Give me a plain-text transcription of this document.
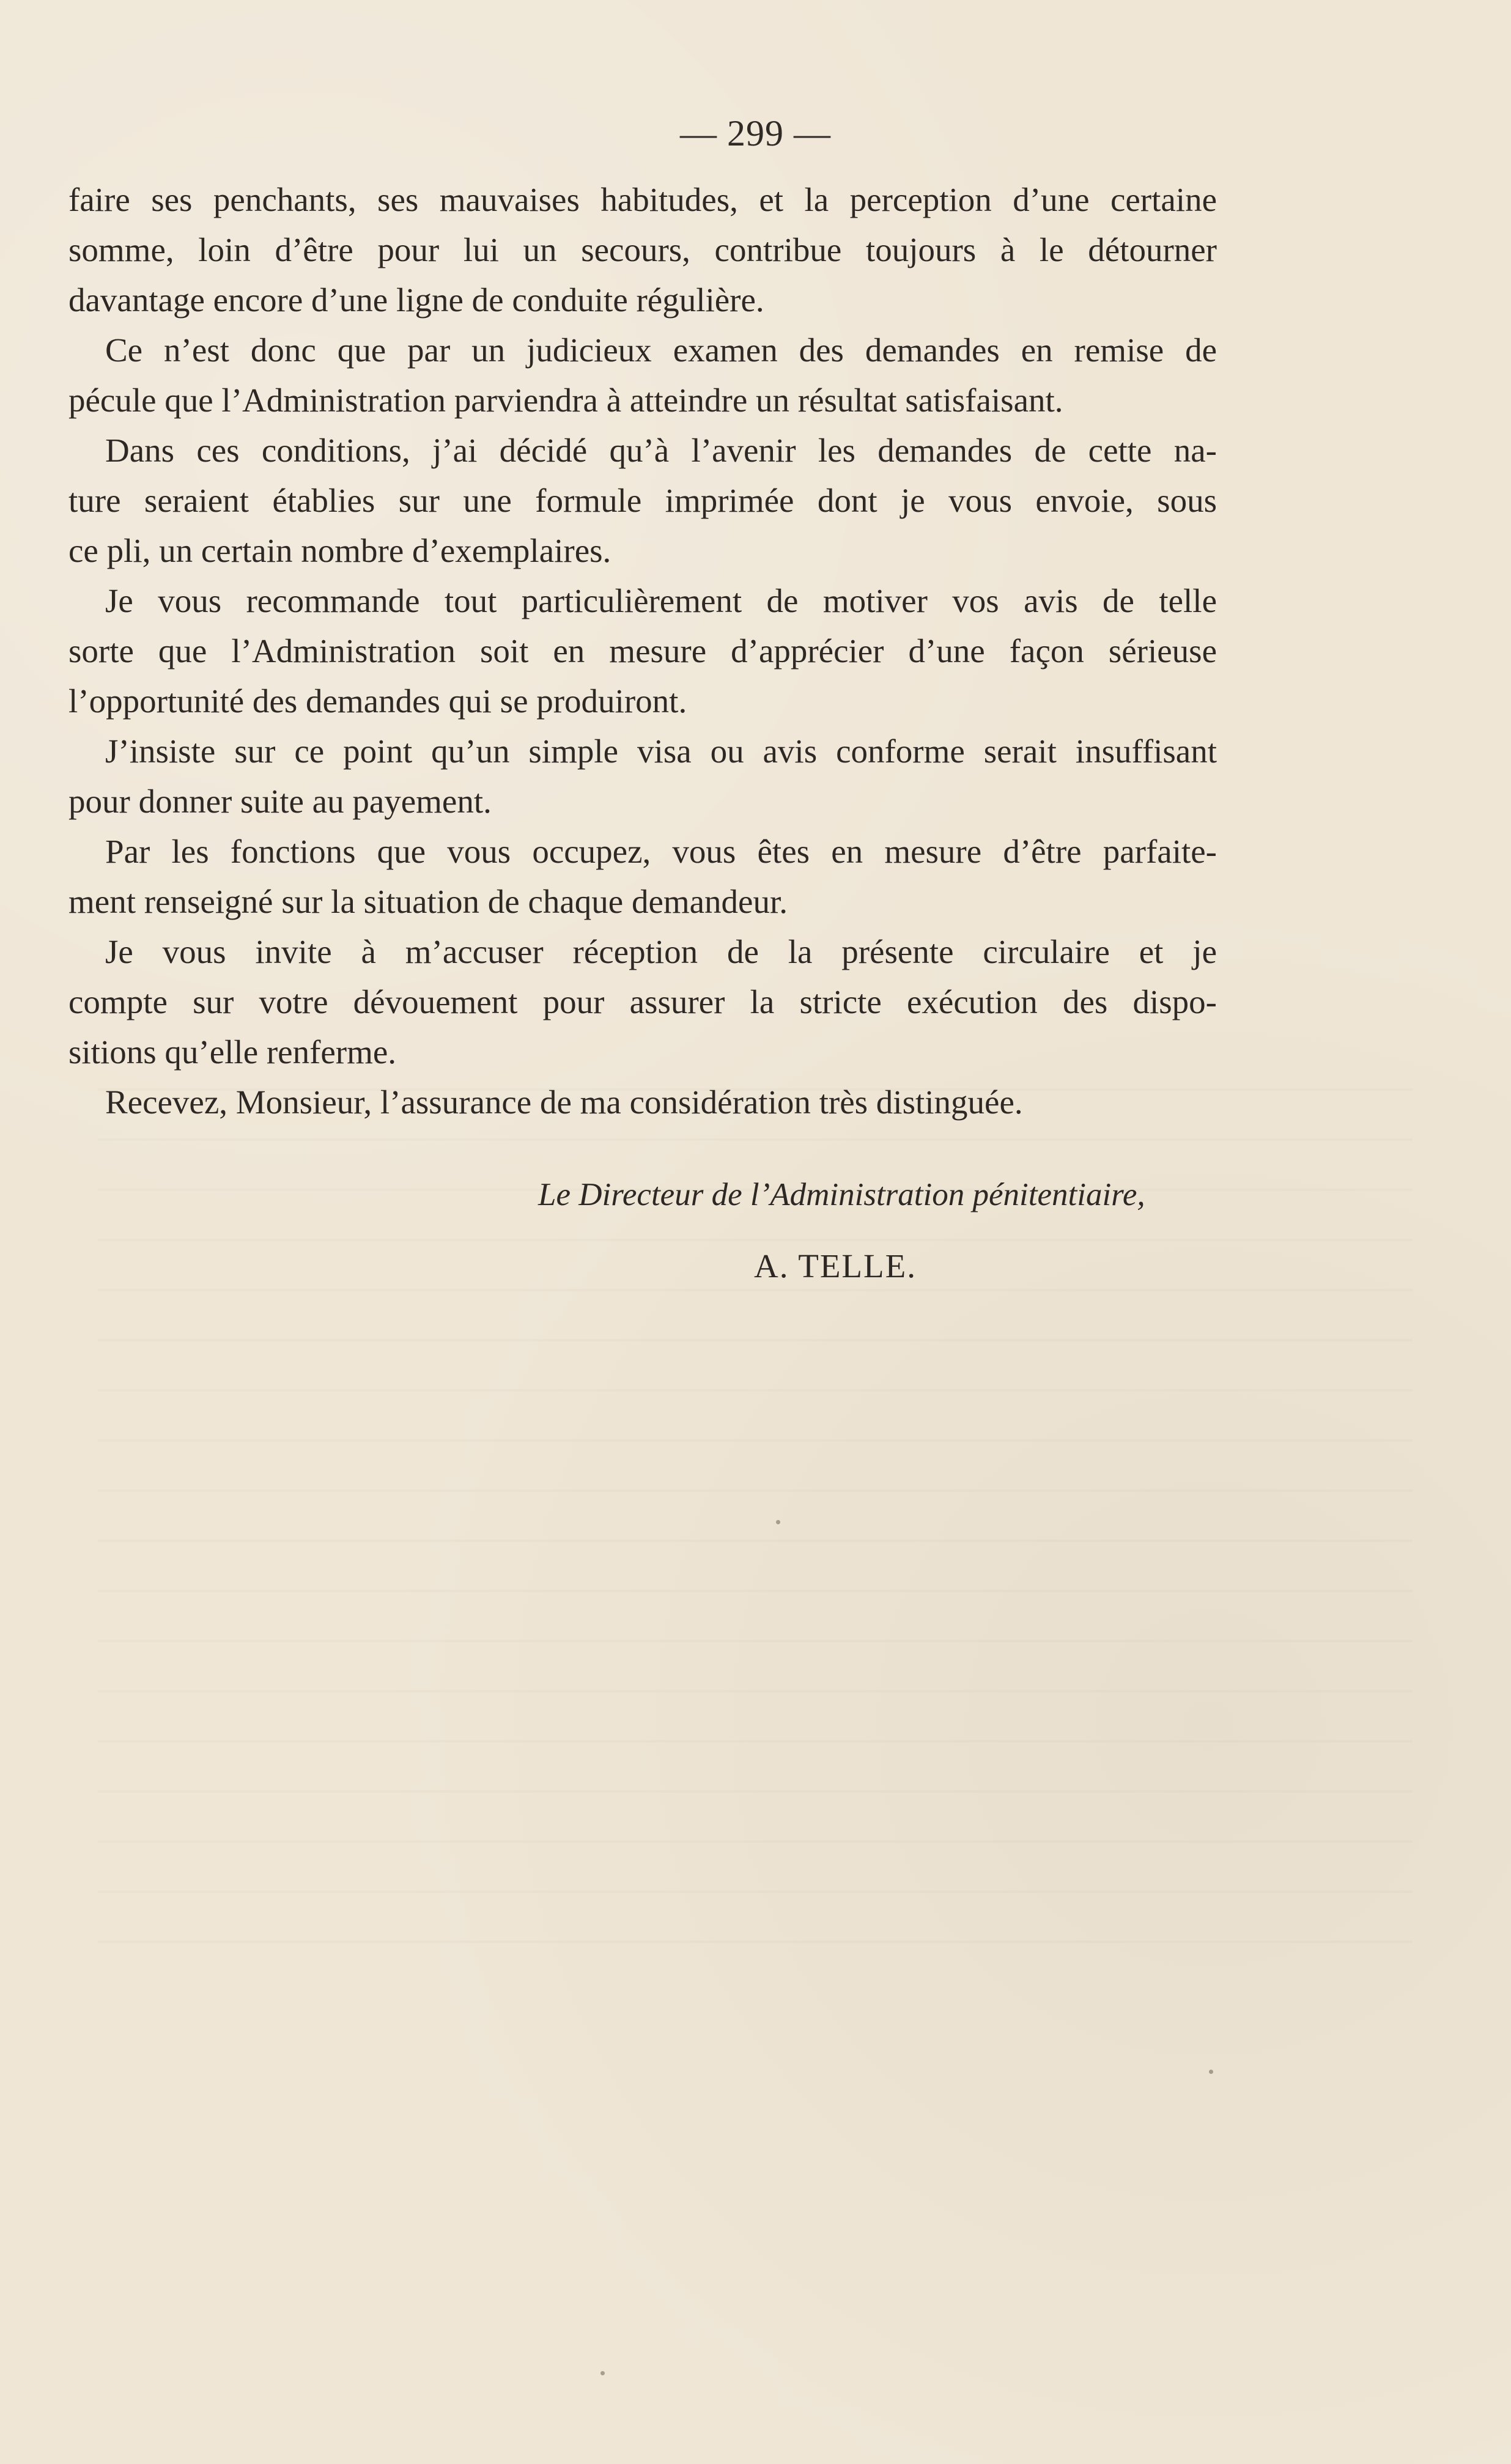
— 299 —
faire ses penchants, ses mauvaises habitudes, et la perception d’une certaine
somme, loin d’être pour lui un secours, contribue toujours à le détourner
davantage encore d’une ligne de conduite régulière.
Ce n’est donc que par un judicieux examen des demandes en remise de
pécule que l’Administration parviendra à atteindre un résultat satisfaisant.
Dans ces conditions, j’ai décidé qu’à l’avenir les demandes de cette na-
ture seraient établies sur une formule imprimée dont je vous envoie, sous
ce pli, un certain nombre d’exemplaires.
Je vous recommande tout particulièrement de motiver vos avis de telle
sorte que l’Administration soit en mesure d’apprécier d’une façon sérieuse
l’opportunité des demandes qui se produiront.
J’insiste sur ce point qu’un simple visa ou avis conforme serait insuffisant
pour donner suite au payement.
Par les fonctions que vous occupez, vous êtes en mesure d’être parfaite-
ment renseigné sur la situation de chaque demandeur.
Je vous invite à m’accuser réception de la présente circulaire et je
compte sur votre dévouement pour assurer la stricte exécution des dispo-
sitions qu’elle renferme.
Recevez, Monsieur, l’assurance de ma considération très distinguée.
Le Directeur de l’Administration pénitentiaire,
A. TELLE.
